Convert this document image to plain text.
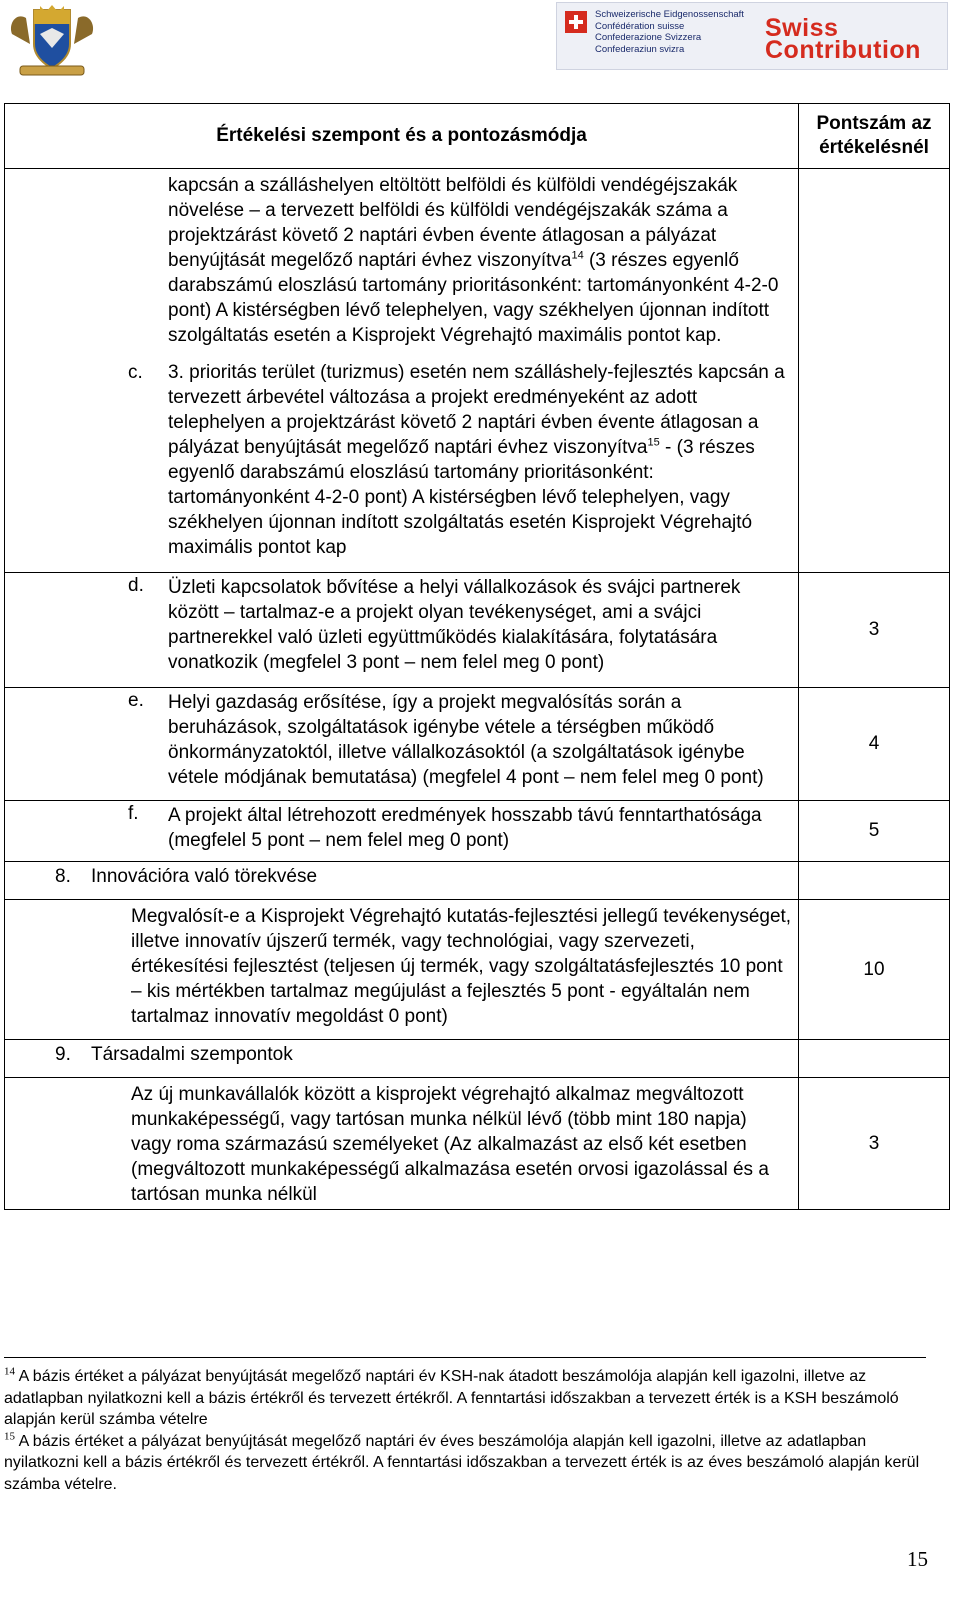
Schweizerische Eidgenossenschaft
Confédération suisse
Confederazione Svizzera
Confederaziun svizra
Swiss
Contribution
Értékelési szempont és a pontozásmódja	Pontszám az értékelésnél

kapcsán a szálláshelyen eltöltött belföldi és külföldi vendégéjszakák növelése – a tervezett belföldi és külföldi vendégéjszakák száma a projektzárást követő 2 naptári évben évente átlagosan a pályázat benyújtását megelőző naptári évhez viszonyítva$^{14}$ (3 részes egyenlő darabszámú eloszlású tartomány prioritásonként: tartományonként 4-2-0 pont) A kistérségben lévő telephelyen, vagy székhelyen újonnan indított szolgáltatás esetén a Kisprojekt Végrehajtó maximális pontot kap.
c. 3. prioritás terület (turizmus) esetén nem szálláshely-fejlesztés kapcsán a tervezett árbevétel változása a projekt eredményeként az adott telephelyen a projektzárást követő 2 naptári évben évente átlagosan a pályázat benyújtását megelőző naptári évhez viszonyítva$^{15}$ - (3 részes egyenlő darabszámú eloszlású tartomány prioritásonként: tartományonként 4-2-0 pont) A kistérségben lévő telephelyen, vagy székhelyen újonnan indított szolgáltatás esetén Kisprojekt Végrehajtó maximális pontot kap	

d. Üzleti kapcsolatok bővítése a helyi vállalkozások és svájci partnerek között – tartalmaz-e a projekt olyan tevékenységet, ami a svájci partnerekkel való üzleti együttműködés kialakítására, folytatására vonatkozik (megfelel 3 pont – nem felel meg 0 pont)	3

e. Helyi gazdaság erősítése, így a projekt megvalósítás során a beruházások, szolgáltatások igénybe vétele a térségben működő önkormányzatoktól, illetve vállalkozásoktól (a szolgáltatások igénybe vétele módjának bemutatása) (megfelel 4 pont – nem felel meg 0 pont)	4

f. A projekt által létrehozott eredmények hosszabb távú fenntarthatósága (megfelel 5 pont – nem felel meg 0 pont)	5

8. Innovációra való törekvése	

Megvalósít-e a Kisprojekt Végrehajtó kutatás-fejlesztési jellegű tevékenységet, illetve innovatív újszerű termék, vagy technológiai, vagy szervezeti, értékesítési fejlesztést (teljesen új termék, vagy szolgáltatásfejlesztés 10 pont – kis mértékben tartalmaz megújulást a fejlesztés 5 pont - egyáltalán nem tartalmaz innovatív megoldást 0 pont)	10

9. Társadalmi szempontok	

Az új munkavállalók között a kisprojekt végrehajtó alkalmaz megváltozott munkaképességű, vagy tartósan munka nélkül lévő (több mint 180 napja) vagy roma származású személyeket (Az alkalmazást az első két esetben (megváltozott munkaképességű alkalmazása esetén orvosi igazolással és a tartósan munka nélkül	3

$^{14}$ A bázis értéket a pályázat benyújtását megelőző naptári év KSH-nak átadott beszámolója alapján kell igazolni, illetve az adatlapban nyilatkozni kell a bázis értékről és tervezett értékről. A fenntartási időszakban a tervezett érték is a KSH beszámoló alapján kerül számba vételre

$^{15}$ A bázis értéket a pályázat benyújtását megelőző naptári év éves beszámolója alapján kell igazolni, illetve az adatlapban nyilatkozni kell a bázis értékről és tervezett értékről. A fenntartási időszakban a tervezett érték is az éves beszámoló alapján kerül számba vételre.

15
